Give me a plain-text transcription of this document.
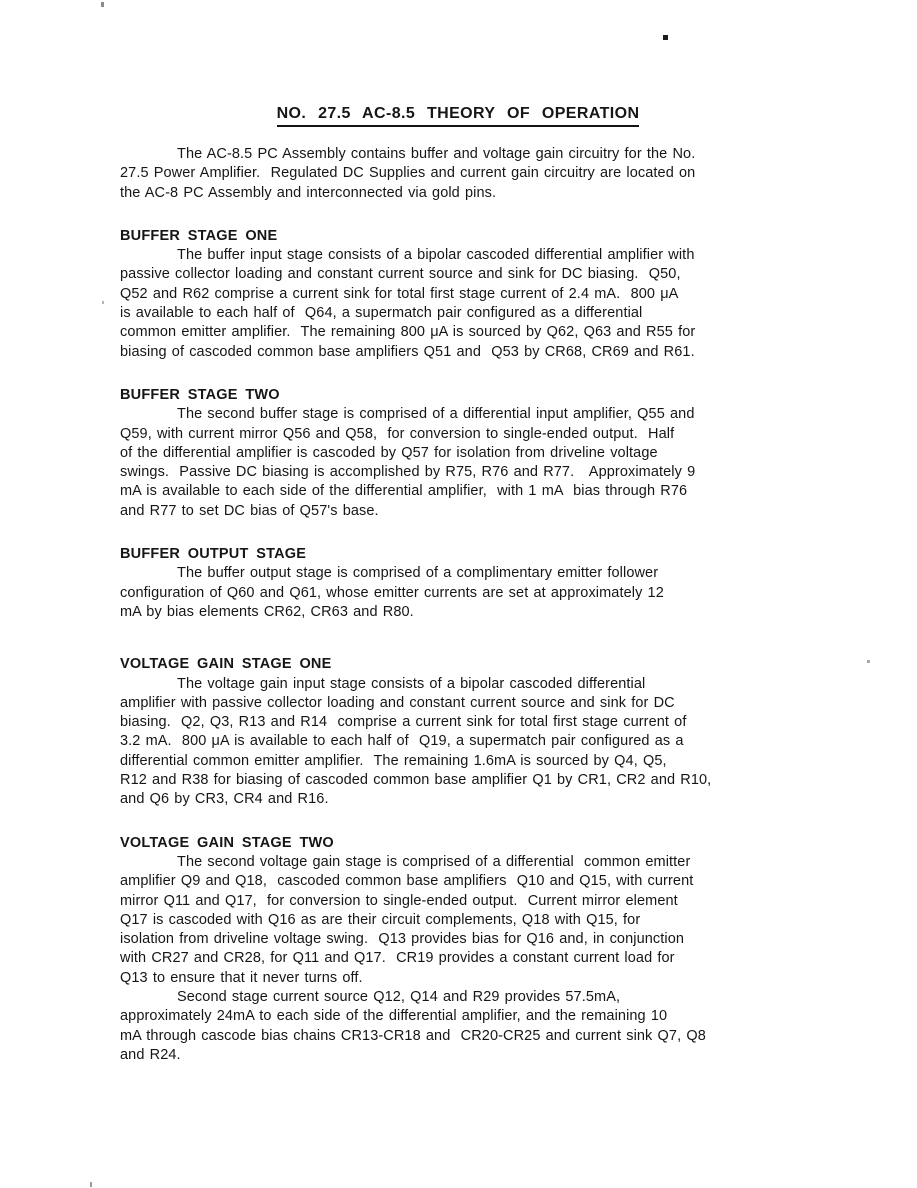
NO. 27.5 AC-8.5 THEORY OF OPERATION
The AC-8.5 PC Assembly contains buffer and voltage gain circuitry for the No.
27.5 Power Amplifier.  Regulated DC Supplies and current gain circuitry are located on
the AC-8 PC Assembly and interconnected via gold pins.
BUFFER STAGE ONE
The buffer input stage consists of a bipolar cascoded differential amplifier with
passive collector loading and constant current source and sink for DC biasing.  Q50,
Q52 and R62 comprise a current sink for total first stage current of 2.4 mA.  800 μA
is available to each half of  Q64, a supermatch pair configured as a differential
common emitter amplifier.  The remaining 800 μA is sourced by Q62, Q63 and R55 for
biasing of cascoded common base amplifiers Q51 and  Q53 by CR68, CR69 and R61.
BUFFER STAGE TWO
The second buffer stage is comprised of a differential input amplifier, Q55 and
Q59, with current mirror Q56 and Q58,  for conversion to single-ended output.  Half
of the differential amplifier is cascoded by Q57 for isolation from driveline voltage
swings.  Passive DC biasing is accomplished by R75, R76 and R77.   Approximately 9
mA is available to each side of the differential amplifier,  with 1 mA  bias through R76
and R77 to set DC bias of Q57's base.
BUFFER OUTPUT STAGE
The buffer output stage is comprised of a complimentary emitter follower
configuration of Q60 and Q61, whose emitter currents are set at approximately 12
mA by bias elements CR62, CR63 and R80.
VOLTAGE GAIN STAGE ONE
The voltage gain input stage consists of a bipolar cascoded differential
amplifier with passive collector loading and constant current source and sink for DC
biasing.  Q2, Q3, R13 and R14  comprise a current sink for total first stage current of
3.2 mA.  800 μA is available to each half of  Q19, a supermatch pair configured as a
differential common emitter amplifier.  The remaining 1.6mA is sourced by Q4, Q5,
R12 and R38 for biasing of cascoded common base amplifier Q1 by CR1, CR2 and R10,
and Q6 by CR3, CR4 and R16.
VOLTAGE GAIN STAGE TWO
The second voltage gain stage is comprised of a differential  common emitter
amplifier Q9 and Q18,  cascoded common base amplifiers  Q10 and Q15, with current
mirror Q11 and Q17,  for conversion to single-ended output.  Current mirror element
Q17 is cascoded with Q16 as are their circuit complements, Q18 with Q15, for
isolation from driveline voltage swing.  Q13 provides bias for Q16 and, in conjunction
with CR27 and CR28, for Q11 and Q17.  CR19 provides a constant current load for
Q13 to ensure that it never turns off.
Second stage current source Q12, Q14 and R29 provides 57.5mA,
approximately 24mA to each side of the differential amplifier, and the remaining 10
mA through cascode bias chains CR13-CR18 and  CR20-CR25 and current sink Q7, Q8
and R24.
